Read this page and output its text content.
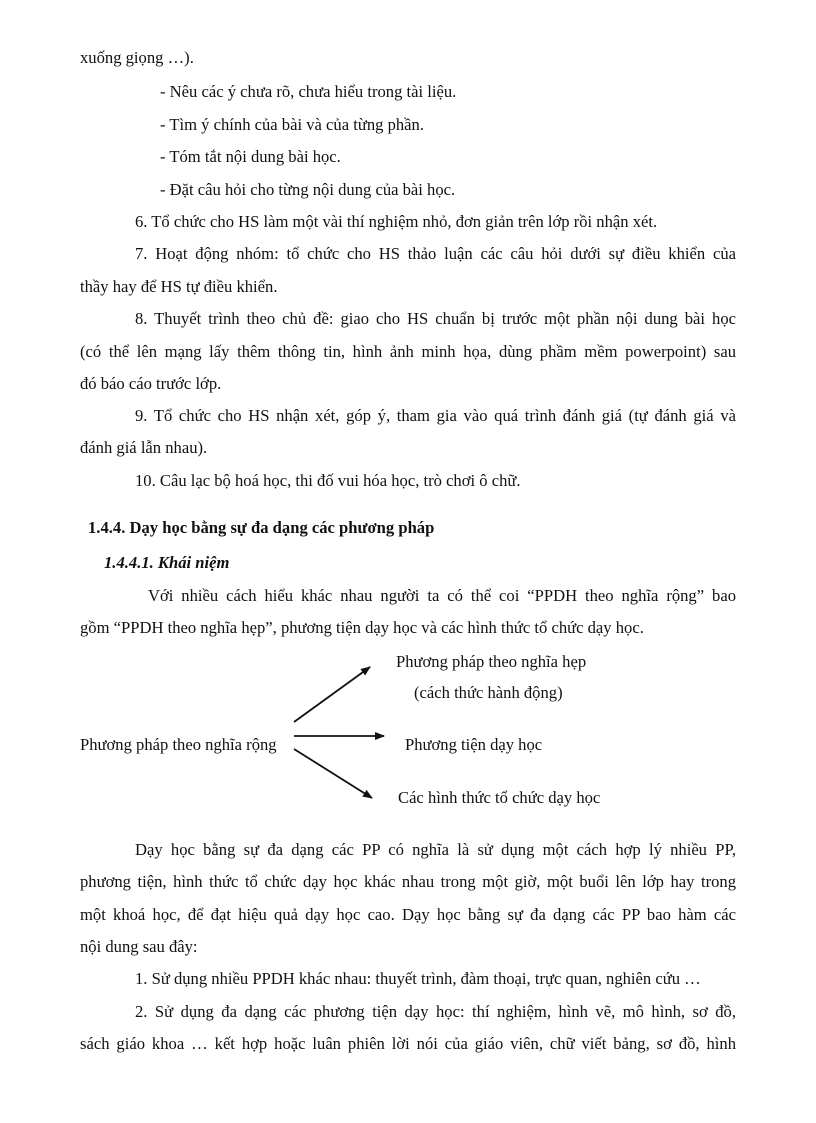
xuống giọng …).
- Nêu các ý chưa rõ, chưa hiểu trong tài liệu.
- Tìm ý chính của bài và của từng phần.
- Tóm tắt nội dung bài học.
- Đặt câu hỏi cho từng nội dung của bài học.
6. Tổ chức cho HS làm một vài thí nghiệm nhỏ, đơn giản trên lớp rồi nhận xét.
7. Hoạt động nhóm: tổ chức cho HS thảo luận các câu hỏi dưới sự điều khiển của
thầy hay để HS tự điều khiển.
8. Thuyết trình theo chủ đề: giao cho HS chuẩn bị trước một phần nội dung bài học
(có thể lên mạng lấy thêm thông tin, hình ảnh minh họa, dùng phầm mềm powerpoint) sau
đó báo cáo trước lớp.
9. Tổ chức cho HS nhận xét, góp ý, tham gia vào quá trình đánh giá (tự đánh giá và
đánh giá lẫn nhau).
10. Câu lạc bộ hoá học, thi đố vui hóa học, trò chơi ô chữ.
1.4.4. Dạy học bằng sự đa dạng các phương pháp
1.4.4.1. Khái niệm
Với nhiều cách hiểu khác nhau người ta có thể coi “PPDH theo nghĩa rộng” bao
gồm “PPDH theo nghĩa hẹp”, phương tiện dạy học và các hình thức tổ chức dạy học.
Phương pháp theo nghĩa hẹp
(cách thức hành động)
Phương pháp theo nghĩa rộng	Phương tiện dạy học
Các hình thức tổ chức dạy học
Dạy học bằng sự đa dạng các PP có nghĩa là sử dụng một cách hợp lý nhiều PP,
phương tiện, hình thức tổ chức dạy học khác nhau trong một giờ, một buổi lên lớp hay trong
một khoá học, để đạt hiệu quả dạy học cao. Dạy học bằng sự đa dạng các PP bao hàm các
nội dung sau đây:
1. Sử dụng nhiều PPDH khác nhau: thuyết trình, đàm thoại, trực quan, nghiên cứu …
2. Sử dụng đa dạng các phương tiện dạy học: thí nghiệm, hình vẽ, mô hình, sơ đồ,
sách giáo khoa … kết hợp hoặc luân phiên lời nói của giáo viên, chữ viết bảng, sơ đồ, hình
